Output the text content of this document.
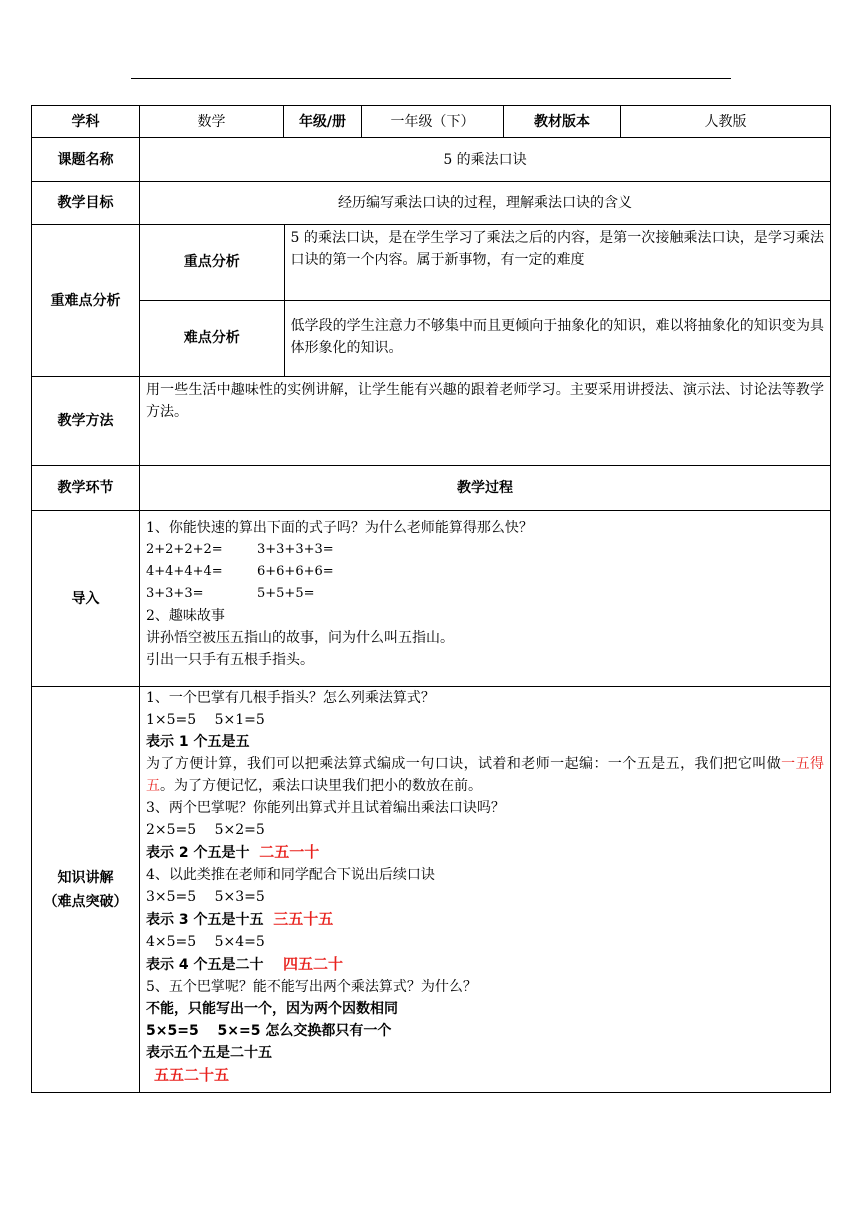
学科	数学	年级/册	一年级（下）	教材版本	人教版
课题名称	5 的乘法口诀
教学目标	经历编写乘法口诀的过程，理解乘法口诀的含义
重难点分析	
重点分析	5 的乘法口诀，是在学生学习了乘法之后的内容，是第一次接触乘法口诀，是学习乘法口诀的第一个内容。属于新事物，有一定的难度
难点分析	低学段的学生注意力不够集中而且更倾向于抽象化的知识，难以将抽象化的知识变为具体形象化的知识。

教学方法	用一些生活中趣味性的实例讲解，让学生能有兴趣的跟着老师学习。主要采用讲授法、演示法、讨论法等教学方法。
教学环节	教学过程
导入	
1、你能快速的算出下面的式子吗？为什么老师能算得那么快？
2+2+2+2=	3+3+3+3=
4+4+4+4=	6+6+6+6=
3+3+3=	5+5+5=
2、趣味故事
讲孙悟空被压五指山的故事，问为什么叫五指山。
引出一只手有五根手指头。

知识讲解
（难点突破）

1、一个巴掌有几根手指头？怎么列乘法算式？
1×5=5　 5×1=5
表示 1 个五是五
为了方便计算，我们可以把乘法算式编成一句口诀，试着和老师一起编：一个五是五，我们把它叫做一五得五。为了方便记忆，乘法口诀里我们把小的数放在前。
3、两个巴掌呢？你能列出算式并且试着编出乘法口诀吗？
2×5=5　 5×2=5
表示 2 个五是十 二五一十
4、以此类推在老师和同学配合下说出后续口诀
3×5=5　 5×3=5
表示 3 个五是十五 三五十五
4×5=5　 5×4=5
表示 4 个五是二十 四五二十
5、五个巴掌呢？能不能写出两个乘法算式？为什么？
不能，只能写出一个，因为两个因数相同
5×5=5　 5×=5 怎么交换都只有一个
表示五个五是二十五
五五二十五
